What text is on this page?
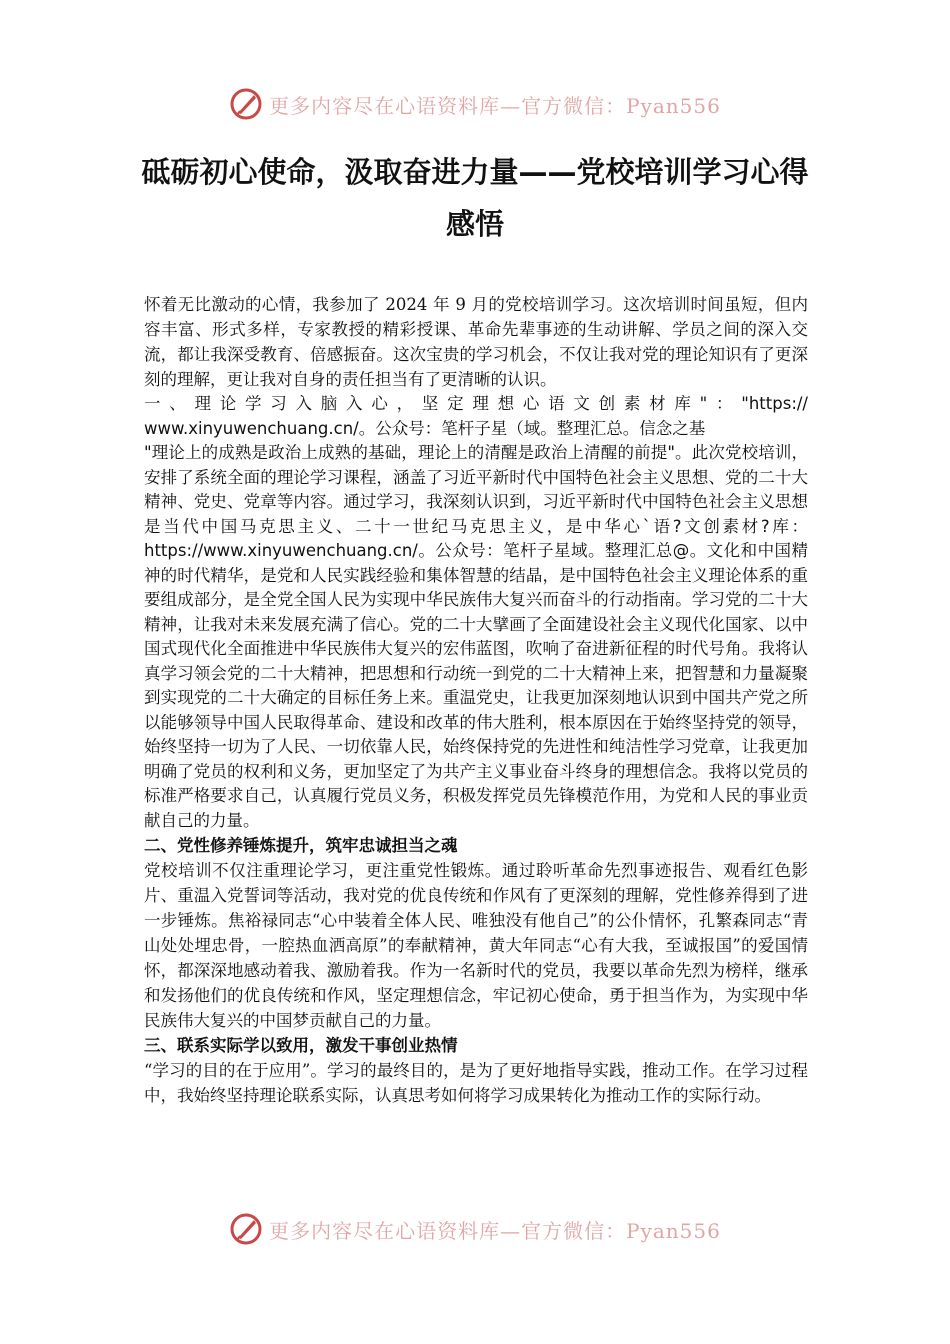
更多内容尽在心语资料库—官方微信：Pyan556
砥砺初心使命，汲取奋进力量——党校培训学习心得
感悟

怀着无比激动的心情，我参加了 2024 年 9 月的党校培训学习。这次培训时间虽短，但内容丰富、形式多样，专家教授的精彩授课、革命先辈事迹的生动讲解、学员之间的深入交流，都让我深受教育、倍感振奋。这次宝贵的学习机会，不仅让我对党的理论知识有了更深刻的理解，更让我对自身的责任担当有了更清晰的认识。

一、理论学习入脑入心，坚定理想心语文创素材库"："https://
www.xinyuwenchuang.cn/。公众号：笔杆子星（域。整理汇总。信念之基

"理论上的成熟是政治上成熟的基础，理论上的清醒是政治上清醒的前提"。此次党校培训，安排了系统全面的理论学习课程，涵盖了习近平新时代中国特色社会主义思想、党的二十大精神、党史、党章等内容。通过学习，我深刻认识到，习近平新时代中国特色社会主义思想是当代中国马克思主义、二十一世纪马克思主义，是中华心`语?文创素材?库：https://www.xinyuwenchuang.cn/。公众号：笔杆子星域。整理汇总@。文化和中国精神的时代精华，是党和人民实践经验和集体智慧的结晶，是中国特色社会主义理论体系的重要组成部分，是全党全国人民为实现中华民族伟大复兴而奋斗的行动指南。学习党的二十大精神，让我对未来发展充满了信心。党的二十大擘画了全面建设社会主义现代化国家、以中国式现代化全面推进中华民族伟大复兴的宏伟蓝图，吹响了奋进新征程的时代号角。我将认真学习领会党的二十大精神，把思想和行动统一到党的二十大精神上来，把智慧和力量凝聚到实现党的二十大确定的目标任务上来。重温党史，让我更加深刻地认识到中国共产党之所以能够领导中国人民取得革命、建设和改革的伟大胜利，根本原因在于始终坚持党的领导，始终坚持一切为了人民、一切依靠人民，始终保持党的先进性和纯洁性学习党章，让我更加明确了党员的权利和义务，更加坚定了为共产主义事业奋斗终身的理想信念。我将以党员的标准严格要求自己，认真履行党员义务，积极发挥党员先锋模范作用，为党和人民的事业贡献自己的力量。

二、党性修养锤炼提升，筑牢忠诚担当之魂

党校培训不仅注重理论学习，更注重党性锻炼。通过聆听革命先烈事迹报告、观看红色影片、重温入党誓词等活动，我对党的优良传统和作风有了更深刻的理解，党性修养得到了进一步锤炼。焦裕禄同志“心中装着全体人民、唯独没有他自己”的公仆情怀，孔繁森同志“青山处处埋忠骨，一腔热血洒高原”的奉献精神，黄大年同志“心有大我，至诚报国”的爱国情怀，都深深地感动着我、激励着我。作为一名新时代的党员，我要以革命先烈为榜样，继承和发扬他们的优良传统和作风，坚定理想信念，牢记初心使命，勇于担当作为，为实现中华民族伟大复兴的中国梦贡献自己的力量。

三、联系实际学以致用，激发干事创业热情

“学习的目的在于应用”。学习的最终目的，是为了更好地指导实践，推动工作。在学习过程中，我始终坚持理论联系实际，认真思考如何将学习成果转化为推动工作的实际行动。

更多内容尽在心语资料库—官方微信：Pyan556
